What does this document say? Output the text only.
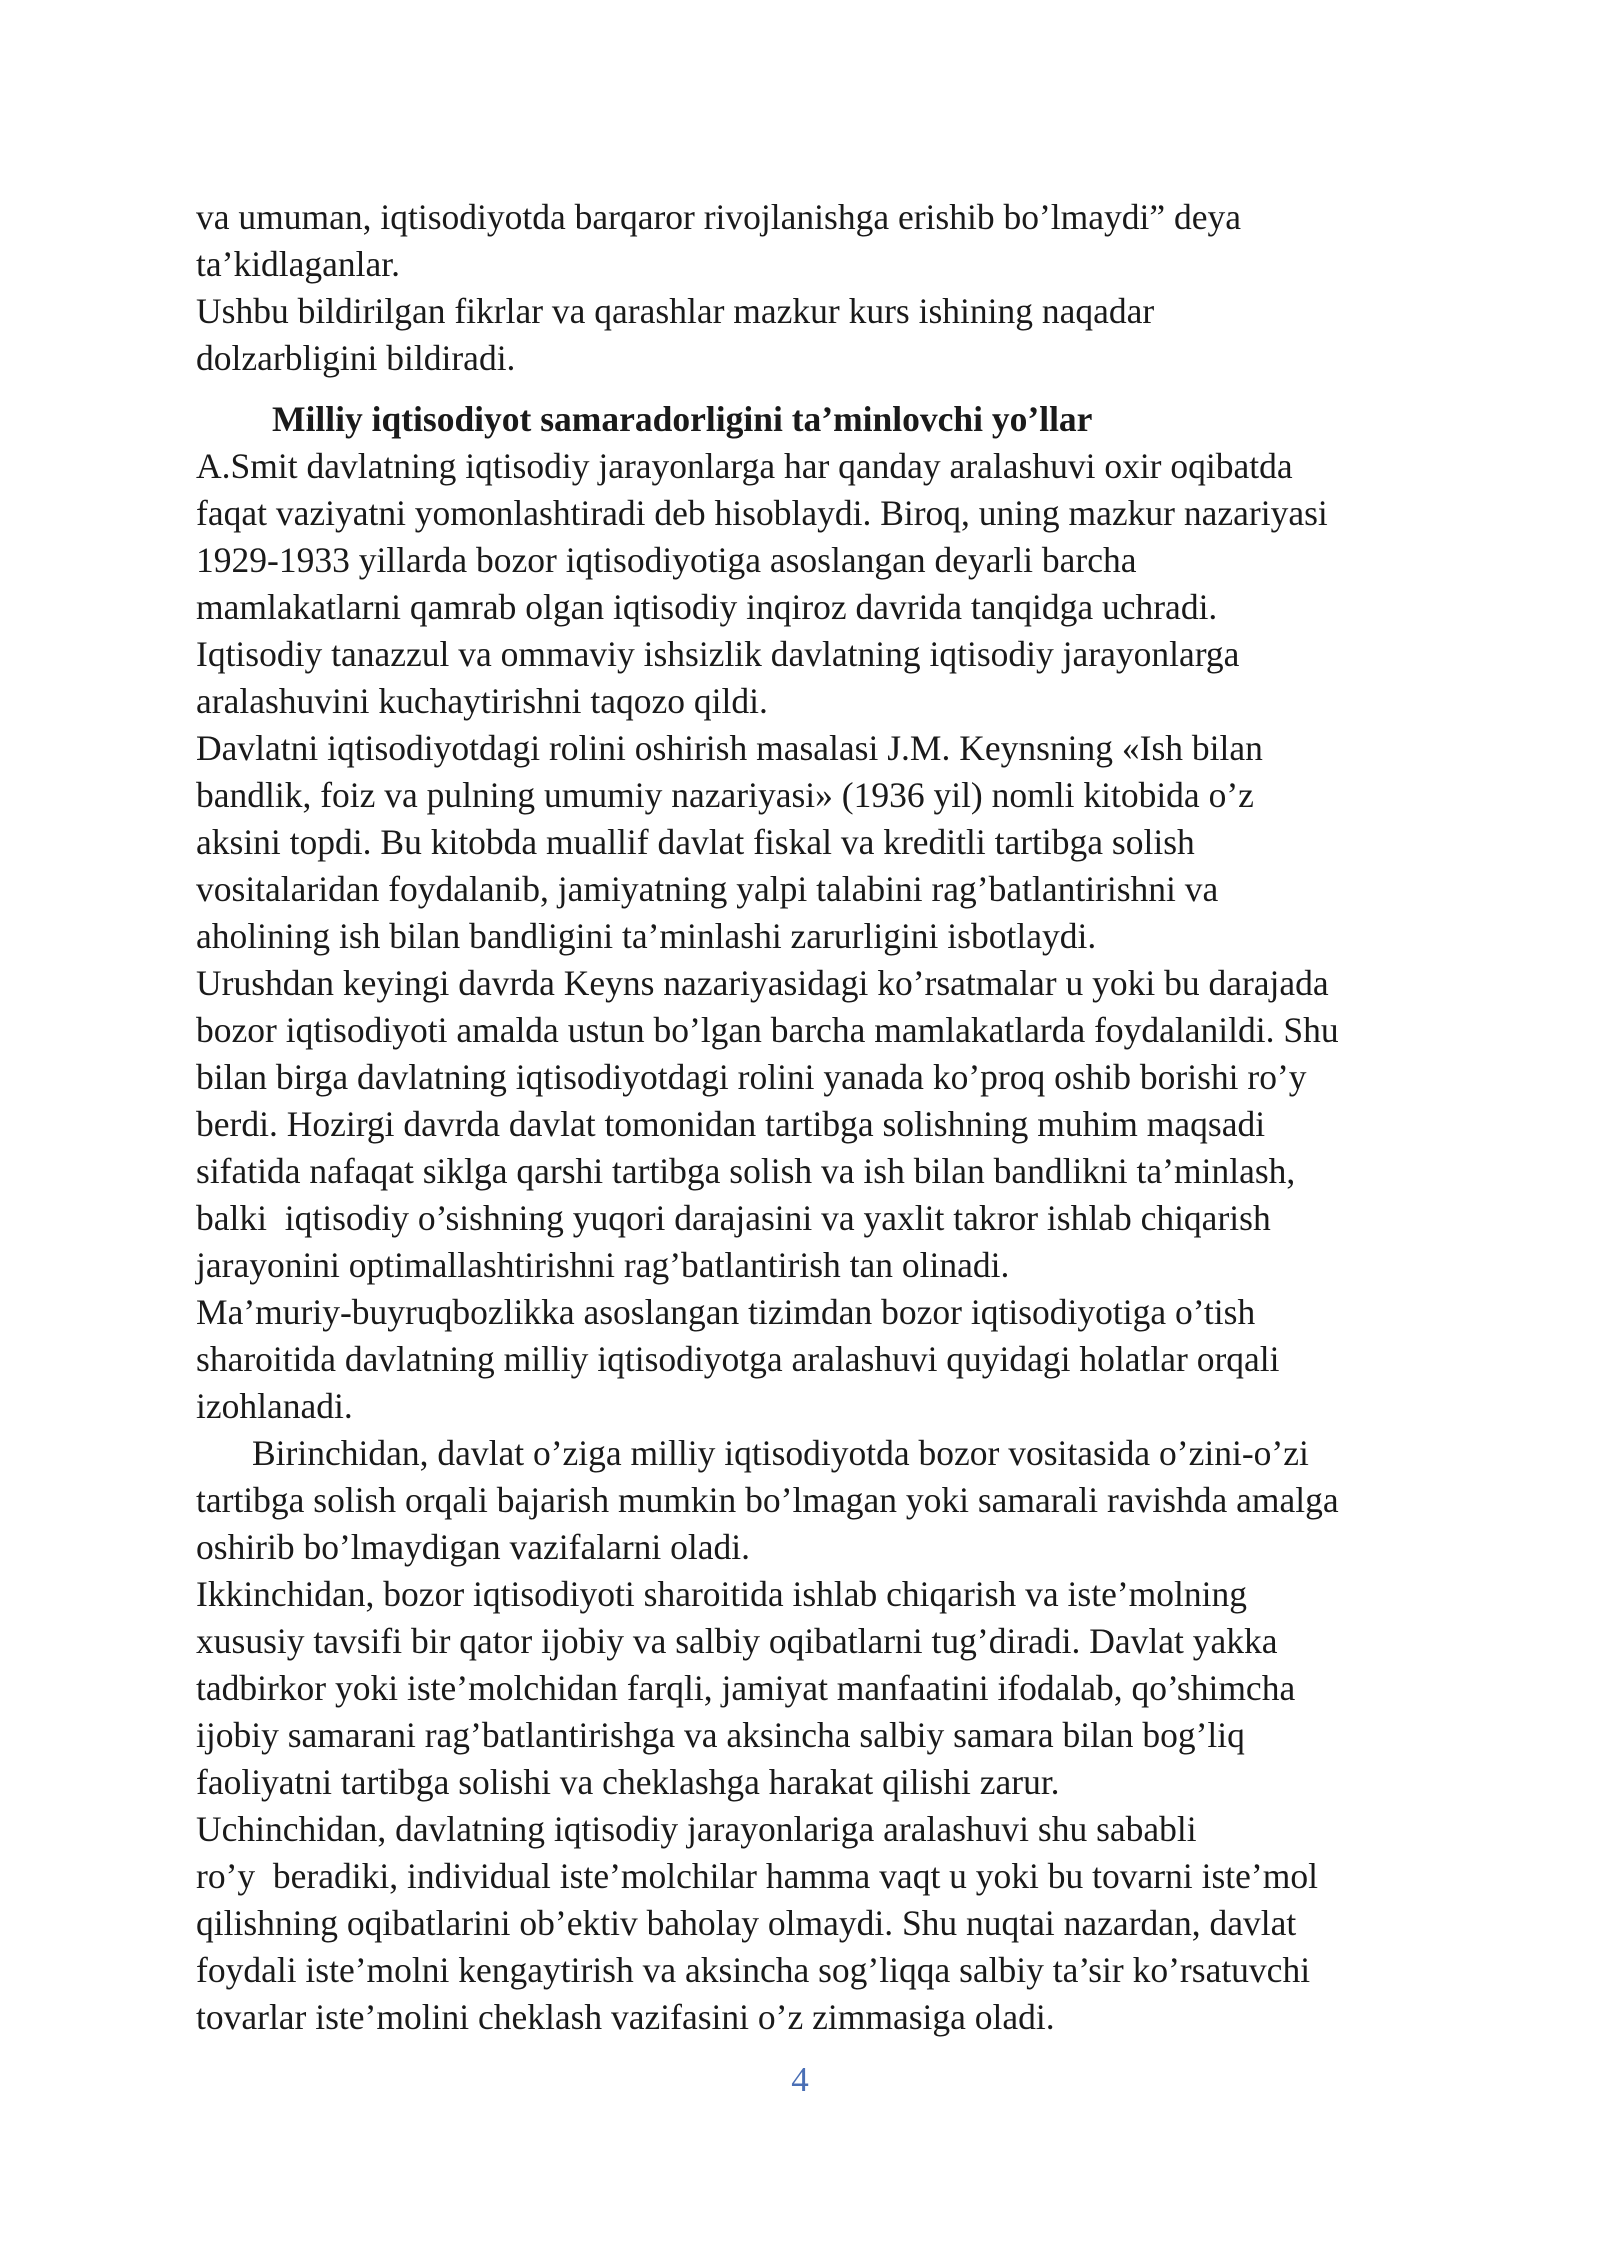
va umuman, iqtisodiyotda barqaror rivojlanishga erishib bo’lmaydi” deya
ta’kidlaganlar.
Ushbu bildirilgan fikrlar va qarashlar mazkur kurs ishining naqadar
dolzarbligini bildiradi.
Milliy iqtisodiyot samaradorligini ta’minlovchi yo’llar
A.Smit davlatning iqtisodiy jarayonlarga har qanday aralashuvi oxir oqibatda
faqat vaziyatni yomonlashtiradi deb hisoblaydi. Biroq, uning mazkur nazariyasi
1929-1933 yillarda bozor iqtisodiyotiga asoslangan deyarli barcha
mamlakatlarni qamrab olgan iqtisodiy inqiroz davrida tanqidga uchradi.
Iqtisodiy tanazzul va ommaviy ishsizlik davlatning iqtisodiy jarayonlarga
aralashuvini kuchaytirishni taqozo qildi.
Davlatni iqtisodiyotdagi rolini oshirish masalasi J.M. Keynsning «Ish bilan
bandlik, foiz va pulning umumiy nazariyasi» (1936 yil) nomli kitobida o’z
aksini topdi. Bu kitobda muallif davlat fiskal va kreditli tartibga solish
vositalaridan foydalanib, jamiyatning yalpi talabini rag’batlantirishni va
aholining ish bilan bandligini ta’minlashi zarurligini isbotlaydi.
Urushdan keyingi davrda Keyns nazariyasidagi ko’rsatmalar u yoki bu darajada
bozor iqtisodiyoti amalda ustun bo’lgan barcha mamlakatlarda foydalanildi. Shu
bilan birga davlatning iqtisodiyotdagi rolini yanada ko’proq oshib borishi ro’y
berdi. Hozirgi davrda davlat tomonidan tartibga solishning muhim maqsadi
sifatida nafaqat siklga qarshi tartibga solish va ish bilan bandlikni ta’minlash,
balki  iqtisodiy o’sishning yuqori darajasini va yaxlit takror ishlab chiqarish
jarayonini optimallashtirishni rag’batlantirish tan olinadi.
Ma’muriy-buyruqbozlikka asoslangan tizimdan bozor iqtisodiyotiga o’tish
sharoitida davlatning milliy iqtisodiyotga aralashuvi quyidagi holatlar orqali
izohlanadi.
Birinchidan, davlat o’ziga milliy iqtisodiyotda bozor vositasida o’zini-o’zi
tartibga solish orqali bajarish mumkin bo’lmagan yoki samarali ravishda amalga
oshirib bo’lmaydigan vazifalarni oladi.
Ikkinchidan, bozor iqtisodiyoti sharoitida ishlab chiqarish va iste’molning
xususiy tavsifi bir qator ijobiy va salbiy oqibatlarni tug’diradi. Davlat yakka
tadbirkor yoki iste’molchidan farqli, jamiyat manfaatini ifodalab, qo’shimcha
ijobiy samarani rag’batlantirishga va aksincha salbiy samara bilan bog’liq
faoliyatni tartibga solishi va cheklashga harakat qilishi zarur.
Uchinchidan, davlatning iqtisodiy jarayonlariga aralashuvi shu sababli
ro’y  beradiki, individual iste’molchilar hamma vaqt u yoki bu tovarni iste’mol
qilishning oqibatlarini ob’ektiv baholay olmaydi. Shu nuqtai nazardan, davlat
foydali iste’molni kengaytirish va aksincha sog’liqqa salbiy ta’sir ko’rsatuvchi
tovarlar iste’molini cheklash vazifasini o’z zimmasiga oladi.
4
